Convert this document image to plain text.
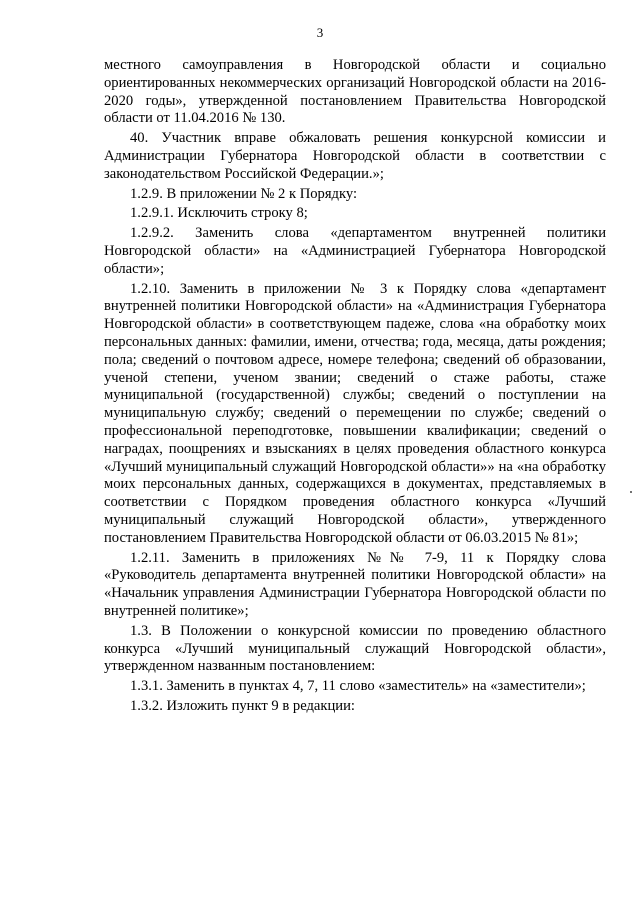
3

местного самоуправления в Новгородской области и социально ориентированных некоммерческих организаций Новгородской области на 2016-2020 годы», утвержденной постановлением Правительства Новгородской области от 11.04.2016 № 130.

40. Участник вправе обжаловать решения конкурсной комиссии и Администрации Губернатора Новгородской области в соответствии с законодательством Российской Федерации.»;

1.2.9. В приложении № 2 к Порядку:

1.2.9.1. Исключить строку 8;

1.2.9.2. Заменить слова «департаментом внутренней политики Новгородской области» на «Администрацией Губернатора Новгородской области»;

1.2.10. Заменить в приложении № 3 к Порядку слова «департамент внутренней политики Новгородской области» на «Администрация Губернатора Новгородской области» в соответствующем падеже, слова «на обработку моих персональных данных: фамилии, имени, отчества; года, месяца, даты рождения; пола; сведений о почтовом адресе, номере телефона; сведений об образовании, ученой степени, ученом звании; сведений о стаже работы, стаже муниципальной (государственной) службы; сведений о поступлении на муниципальную службу; сведений о перемещении по службе; сведений о профессиональной переподготовке, повышении квалификации; сведений о наградах, поощрениях и взысканиях в целях проведения областного конкурса «Лучший муниципальный служащий Новгородской области»» на «на обработку моих персональных данных, содержащихся в документах, представляемых в соответствии с Порядком проведения областного конкурса «Лучший муниципальный служащий Новгородской области», утвержденного постановлением Правительства Новгородской области от 06.03.2015 № 81»;

1.2.11. Заменить в приложениях №№ 7-9, 11 к Порядку слова «Руководитель департамента внутренней политики Новгородской области» на «Начальник управления Администрации Губернатора Новгородской области по внутренней политике»;

1.3. В Положении о конкурсной комиссии по проведению областного конкурса «Лучший муниципальный служащий Новгородской области», утвержденном названным постановлением:

1.3.1. Заменить в пунктах 4, 7, 11 слово «заместитель» на «заместители»;

1.3.2. Изложить пункт 9 в редакции:
